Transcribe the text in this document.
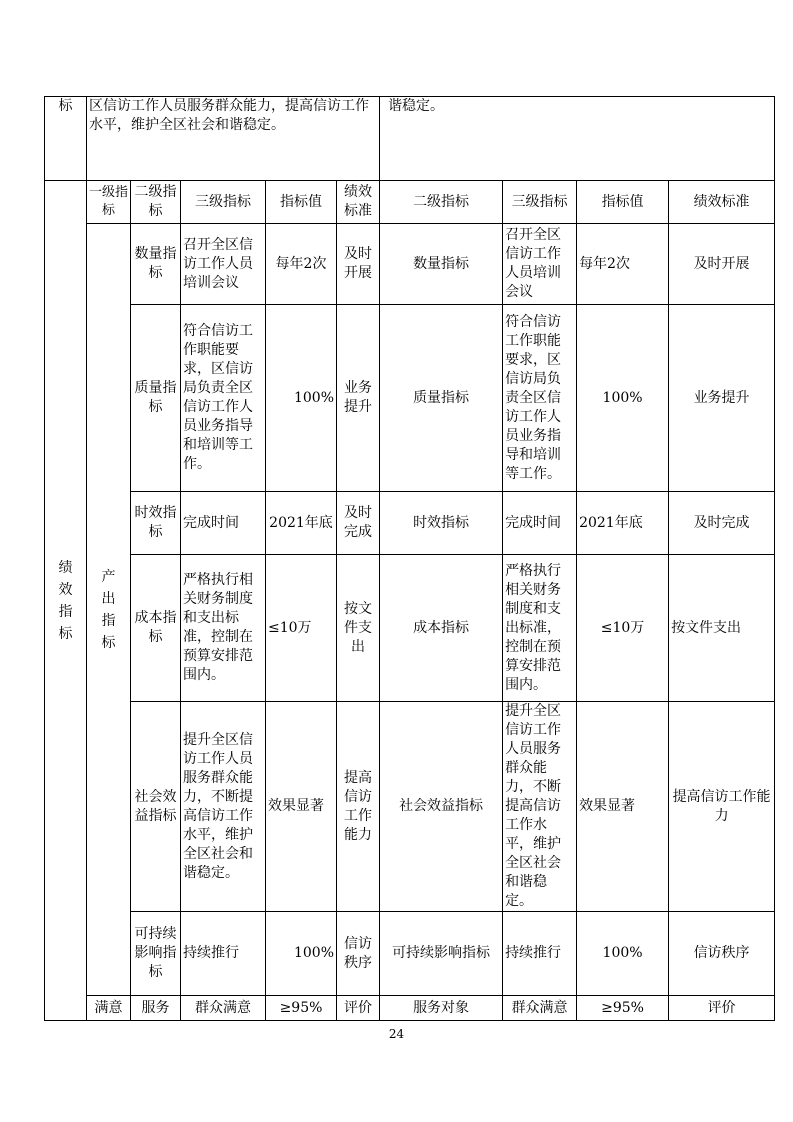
标	区信访工作人员服务群众能力，提高信访工作水平，维护全区社会和谐稳定。					谐稳定。			

绩效指标	一级指标	二级指标	三级指标	指标值	绩效标准	二级指标	三级指标	指标值	绩效标准

	产出指标	数量指标	召开全区信访工作人员培训会议	每年2次	及时开展	数量指标	召开全区信访工作人员培训会议	每年2次	及时开展
		质量指标	符合信访工作职能要求，区信访局负责全区信访工作人员业务指导和培训等工作。	100%	业务提升	质量指标	符合信访工作职能要求，区信访局负责全区信访工作人员业务指导和培训等工作。	100%	业务提升
		时效指标	完成时间	2021年底	及时完成	时效指标	完成时间	2021年底	及时完成
		成本指标	严格执行相关财务制度和支出标准，控制在预算安排范围内。	≤10万	按文件支出	成本指标	严格执行相关财务制度和支出标准，控制在预算安排范围内。	≤10万	按文件支出
		社会效益指标	提升全区信访工作人员服务群众能力，不断提高信访工作水平，维护全区社会和谐稳定。	效果显著	提高信访工作能力	社会效益指标	提升全区信访工作人员服务群众能力，不断提高信访工作水平，维护全区社会和谐稳定。	效果显著	提高信访工作能力
		可持续影响指标	持续推行	100%	信访秩序	可持续影响指标	持续推行	100%	信访秩序
	满意	服务	群众满意	≥95%	评价	服务对象	群众满意	≥95%	评价
24
